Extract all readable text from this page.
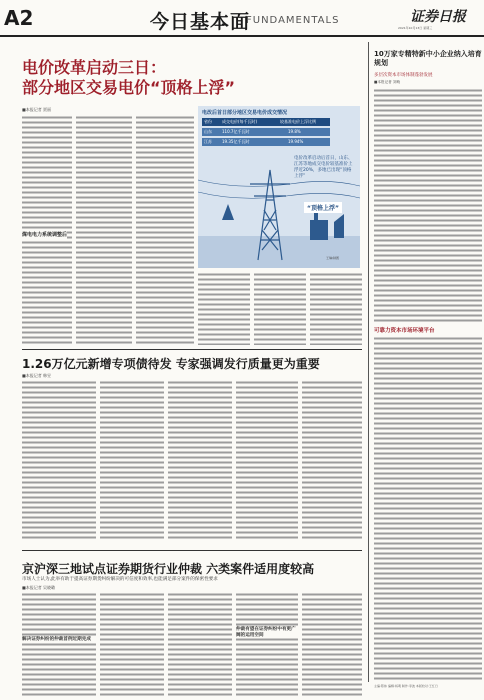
A2	今日基本面
FUNDAMENTALS	证券日报
2021年10月13日 星期三
电价改革启动三日：
部分地区交易电价“顶格上浮”
■本报记者 贾丽
煤电电力系统调整后
电改后首日部分地区交易电价成交情况
省份	成交电价(每千瓦时)	较基准电价上浮比例
山东	110.7亿千瓦时	19.8%
江苏	19.35亿千瓦时	19.94%
电价改革启动后首日，山东、江苏等地成交电价较基准价上浮近20%，多地已出现“顶格上浮”
“顶格上浮”
王琳/制图
10万家专精特新中小企业纳入培育规划
多层次资本市场体制蓬勃发展
■本报记者 刘萌
可靠力资本市场环境平台
1.26万亿元新增专项债待发 专家强调发行质量更为重要
■本报记者 韩昱
京沪深三地试点证券期货行业仲裁 六类案件适用度较高
市场人士认为,此举有助于提高证券期货纠纷解决的可信度和效率,也能满足部分案件的保密性要求
■本报记者 吴晓璐
解决证券纠纷的仲裁首例近期完成
仲裁有望在证券纠纷中有更广阔的运用空间
主编:陈炜 编辑:杨萌 制作:李波 本版校对:王红日
